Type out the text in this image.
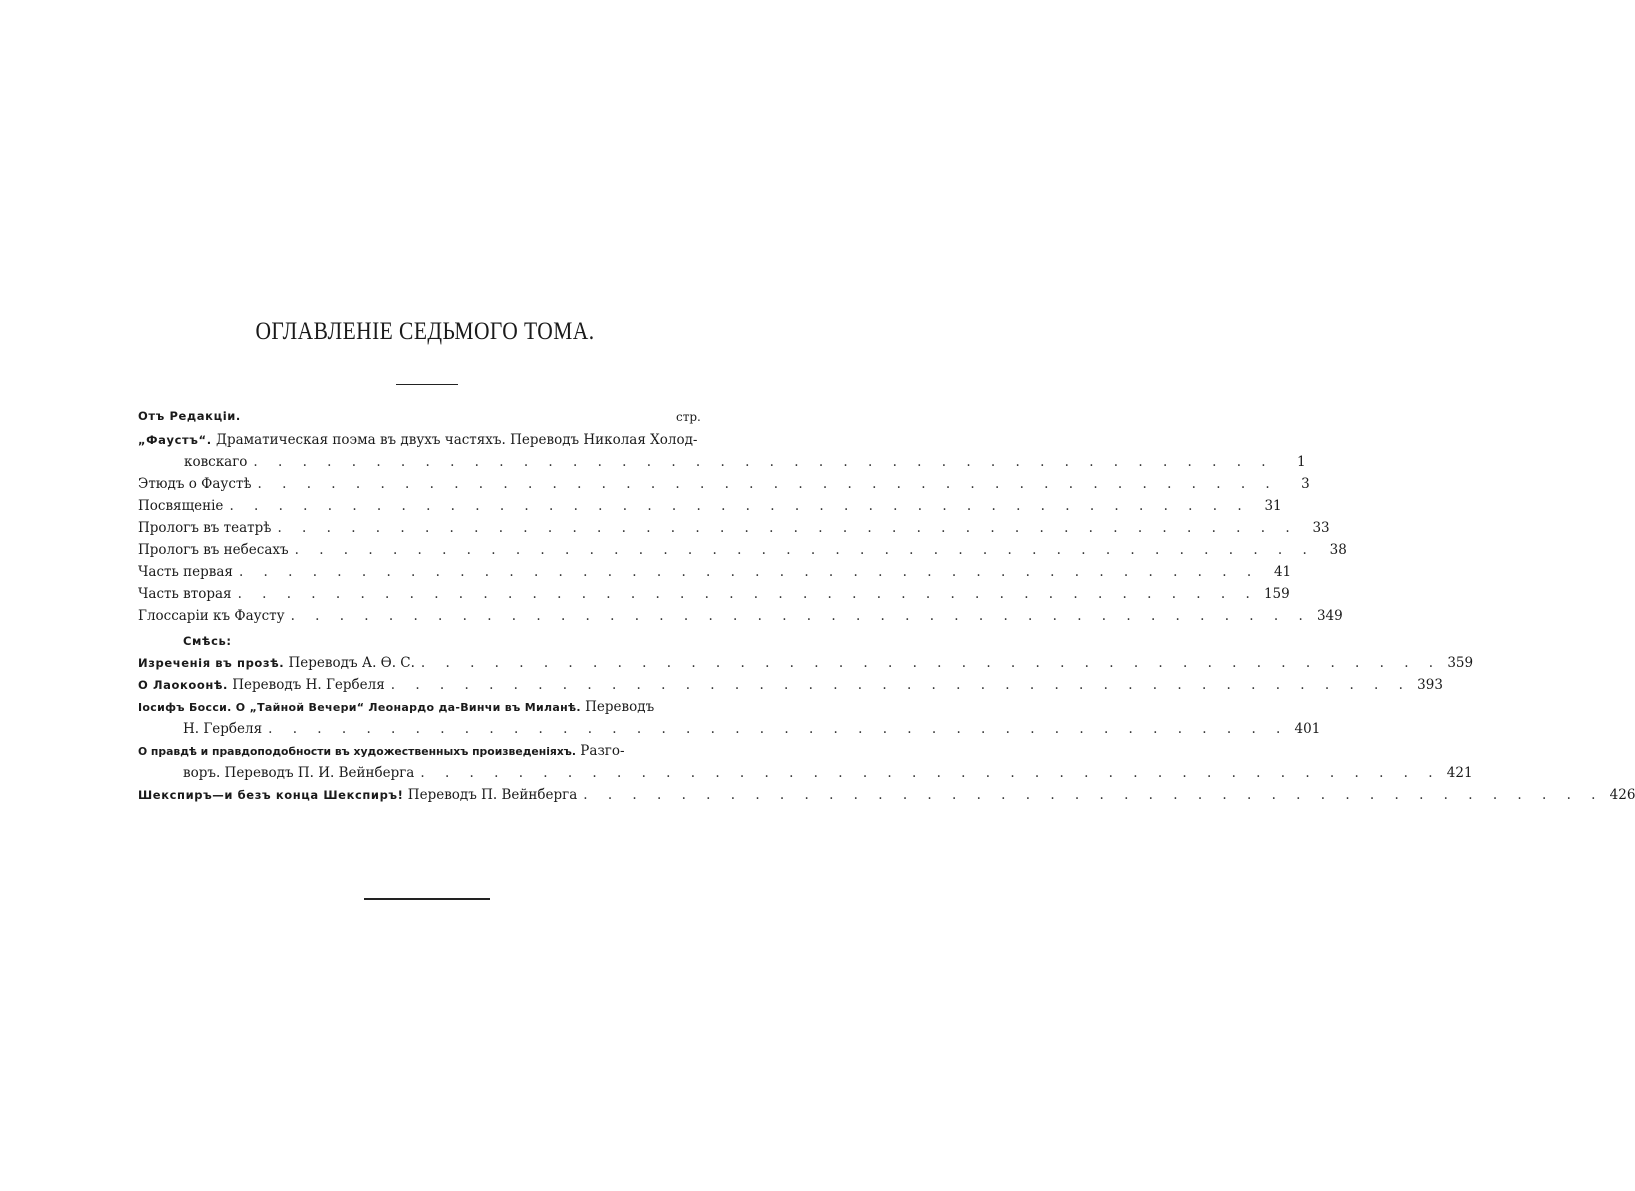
ОГЛАВЛЕНІЕ СЕДЬМОГО ТОМА.
Отъ Редакціи.	стр.
„Фаустъ“. Драматическая поэма въ двухъ частяхъ. Переводъ Николая Холод-
ковскаго . . . . . . . . . . . . . . . . . . . . . . . . . . . . . . . . . . . . . . . . . .	1
Этюдъ о Фаустѣ . . . . . . . . . . . . . . . . . . . . . . . . . . . . . . . . . . . . . . . . . .	3
Посвященіе . . . . . . . . . . . . . . . . . . . . . . . . . . . . . . . . . . . . . . . . . .	31
Прологъ въ театрѣ . . . . . . . . . . . . . . . . . . . . . . . . . . . . . . . . . . . . . . . . . .	33
Прологъ въ небесахъ . . . . . . . . . . . . . . . . . . . . . . . . . . . . . . . . . . . . . . . . . .	38
Часть первая . . . . . . . . . . . . . . . . . . . . . . . . . . . . . . . . . . . . . . . . . .	41
Часть вторая . . . . . . . . . . . . . . . . . . . . . . . . . . . . . . . . . . . . . . . . . . 159
Глоссаріи къ Фаусту . . . . . . . . . . . . . . . . . . . . . . . . . . . . . . . . . . . . . . . . . . 349
Смѣсь:
Изреченія въ прозѣ. Переводъ А. Ѳ. С. . . . . . . . . . . . . . . . . . . . . . . . . . . . . . . . . . . . . . . . . . . 359
О Лаокоонѣ. Переводъ Н. Гербеля . . . . . . . . . . . . . . . . . . . . . . . . . . . . . . . . . . . . . . . . . . 393
Іосифъ Босси. О „Тайной Вечери“ Леонардо да-Винчи въ Миланѣ. Переводъ
Н. Гербеля . . . . . . . . . . . . . . . . . . . . . . . . . . . . . . . . . . . . . . . . . . 401
О правдѣ и правдоподобности въ художественныхъ произведеніяхъ. Разго-
воръ. Переводъ П. И. Вейнберга . . . . . . . . . . . . . . . . . . . . . . . . . . . . . . . . . . . . . . . . . . 421
Шекспиръ—и безъ конца Шекспиръ! Переводъ П. Вейнберга . . . . . . . . . . . . . . . . . . . . . . . . . . . . . . . . . . . . . . . . . . 426
